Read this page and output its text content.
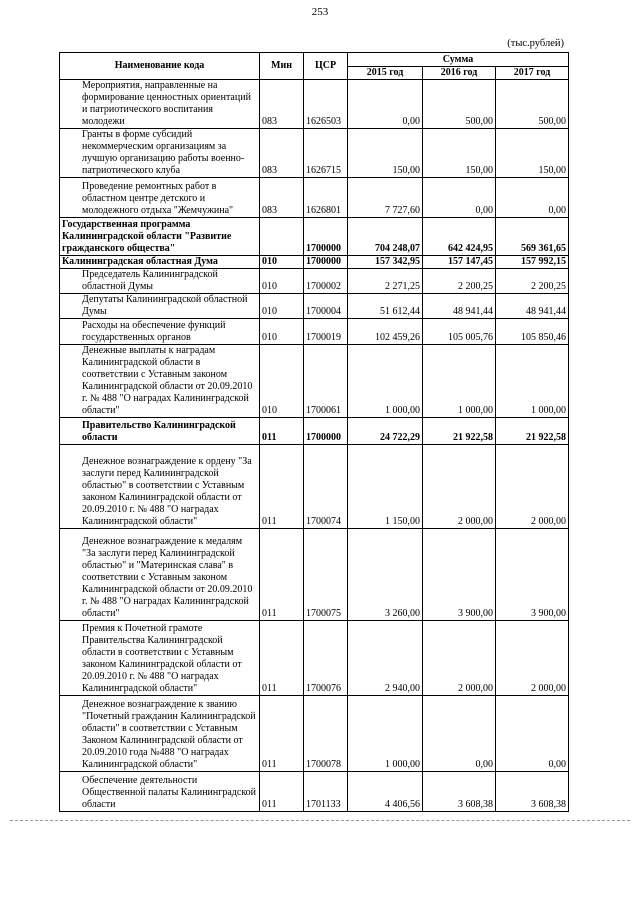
253
(тыс.рублей)
Наименование кода	Мин	ЦСР	Сумма		
			2015 год	2016 год	2017 год

Мероприятия, направленные на формирование ценностных ориентаций и патриотического воспитания молодежи	083	1626503	0,00	500,00	500,00

Гранты в форме субсидий некоммерческим организациям за лучшую организацию работы военно-патриотического клуба	083	1626715	150,00	150,00	150,00

Проведение ремонтных работ в областном центре детского и молодежного отдыха "Жемчужина"	083	1626801	7 727,60	0,00	0,00

Государственная программа Калининградской области "Развитие гражданского общества"		1700000	704 248,07	642 424,95	569 361,65

Калининградская областная Дума	010	1700000	157 342,95	157 147,45	157 992,15

Председатель Калининградской областной Думы	010	1700002	2 271,25	2 200,25	2 200,25

Депутаты Калининградской областной Думы	010	1700004	51 612,44	48 941,44	48 941,44

Расходы на обеспечение функций государственных органов	010	1700019	102 459,26	105 005,76	105 850,46

Денежные выплаты к наградам Калининградской области в соответствии с Уставным законом Калининградской области от 20.09.2010 г. № 488 "О наградах Калининградской области"	010	1700061	1 000,00	1 000,00	1 000,00

Правительство Калининградской области	011	1700000	24 722,29	21 922,58	21 922,58

Денежное вознаграждение к ордену "За заслуги перед Калининградской областью" в соответствии с Уставным законом Калининградской области от 20.09.2010 г. № 488 "О наградах Калининградской области"	011	1700074	1 150,00	2 000,00	2 000,00

Денежное вознаграждение к медалям "За заслуги перед Калининградской областью" и "Материнская слава" в соответствии с Уставным законом Калининградской области от 20.09.2010 г. № 488 "О наградах Калининградской области"	011	1700075	3 260,00	3 900,00	3 900,00

Премия к Почетной грамоте Правительства Калининградской области в соответствии с Уставным законом Калининградской области от 20.09.2010 г. № 488 "О наградах Калининградской области"	011	1700076	2 940,00	2 000,00	2 000,00

Денежное вознаграждение к званию "Почетный гражданин Калининградской области" в соответствии с Уставным Законом Калининградской области от 20.09.2010 года №488 "О наградах Калининградской области"	011	1700078	1 000,00	0,00	0,00

Обеспечение деятельности Общественной палаты Калининградской области	011	1701133	4 406,56	3 608,38	3 608,38
